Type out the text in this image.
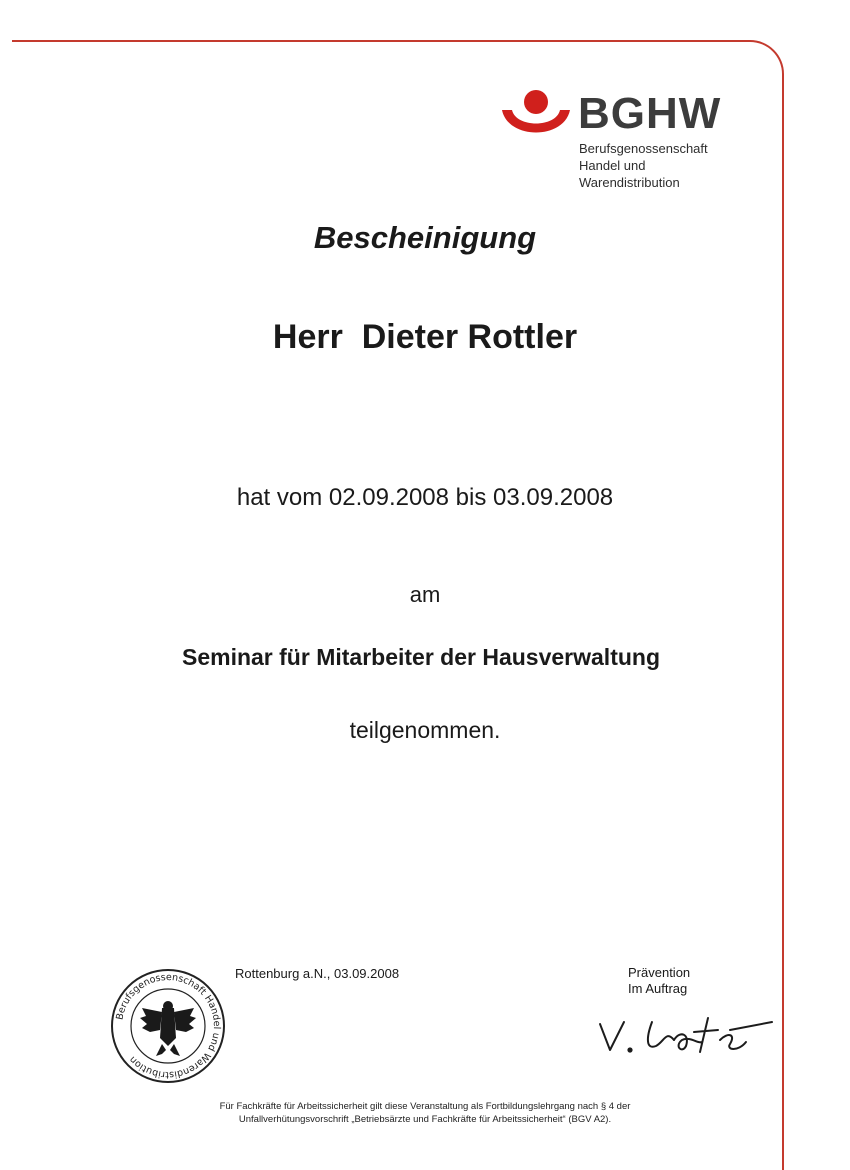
BGHW
Berufsgenossenschaft
Handel und
Warendistribution
Bescheinigung
Herr  Dieter Rottler
hat vom 02.09.2008 bis 03.09.2008
am
Seminar für Mitarbeiter der Hausverwaltung
teilgenommen.
Berufsgenossenschaft Handel und Warendistribution
Rottenburg a.N., 03.09.2008	Prävention
Im Auftrag
Für Fachkräfte für Arbeitssicherheit gilt diese Veranstaltung als Fortbildungslehrgang nach § 4 der
Unfallverhütungsvorschrift „Betriebsärzte und Fachkräfte für Arbeitssicherheit“ (BGV A2).
